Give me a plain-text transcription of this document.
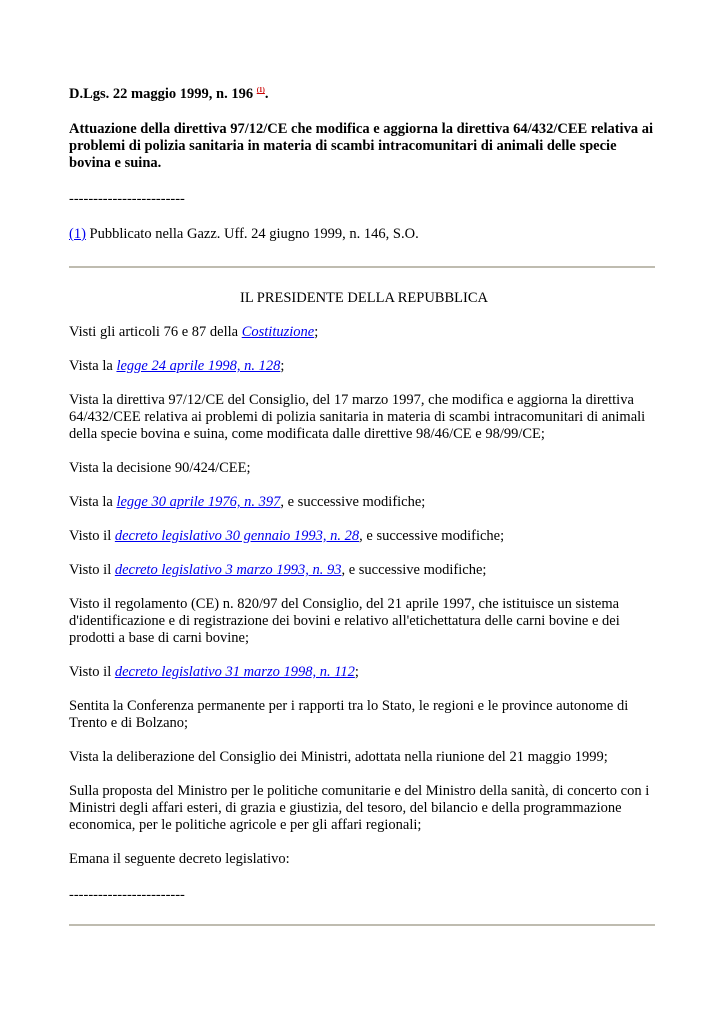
D.Lgs. 22 maggio 1999, n. 196 $^{(1)}$.

Attuazione della direttiva 97/12/CE che modifica e aggiorna la direttiva 64/432/CEE relativa ai problemi di polizia sanitaria in materia di scambi intracomunitari di animali delle specie bovina e suina.

------------------------

(1) Pubblicato nella Gazz. Uff. 24 giugno 1999, n. 146, S.O.

IL PRESIDENTE DELLA REPUBBLICA

Visti gli articoli 76 e 87 della Costituzione;

Vista la legge 24 aprile 1998, n. 128;

Vista la direttiva 97/12/CE del Consiglio, del 17 marzo 1997, che modifica e aggiorna la direttiva 64/432/CEE relativa ai problemi di polizia sanitaria in materia di scambi intracomunitari di animali della specie bovina e suina, come modificata dalle direttive 98/46/CE e 98/99/CE;

Vista la decisione 90/424/CEE;

Vista la legge 30 aprile 1976, n. 397, e successive modifiche;

Visto il decreto legislativo 30 gennaio 1993, n. 28, e successive modifiche;

Visto il decreto legislativo 3 marzo 1993, n. 93, e successive modifiche;

Visto il regolamento (CE) n. 820/97 del Consiglio, del 21 aprile 1997, che istituisce un sistema d'identificazione e di registrazione dei bovini e relativo all'etichettatura delle carni bovine e dei prodotti a base di carni bovine;

Visto il decreto legislativo 31 marzo 1998, n. 112;

Sentita la Conferenza permanente per i rapporti tra lo Stato, le regioni e le province autonome di Trento e di Bolzano;

Vista la deliberazione del Consiglio dei Ministri, adottata nella riunione del 21 maggio 1999;

Sulla proposta del Ministro per le politiche comunitarie e del Ministro della sanità, di concerto con i Ministri degli affari esteri, di grazia e giustizia, del tesoro, del bilancio e della programmazione economica, per le politiche agricole e per gli affari regionali;

Emana il seguente decreto legislativo:

------------------------
